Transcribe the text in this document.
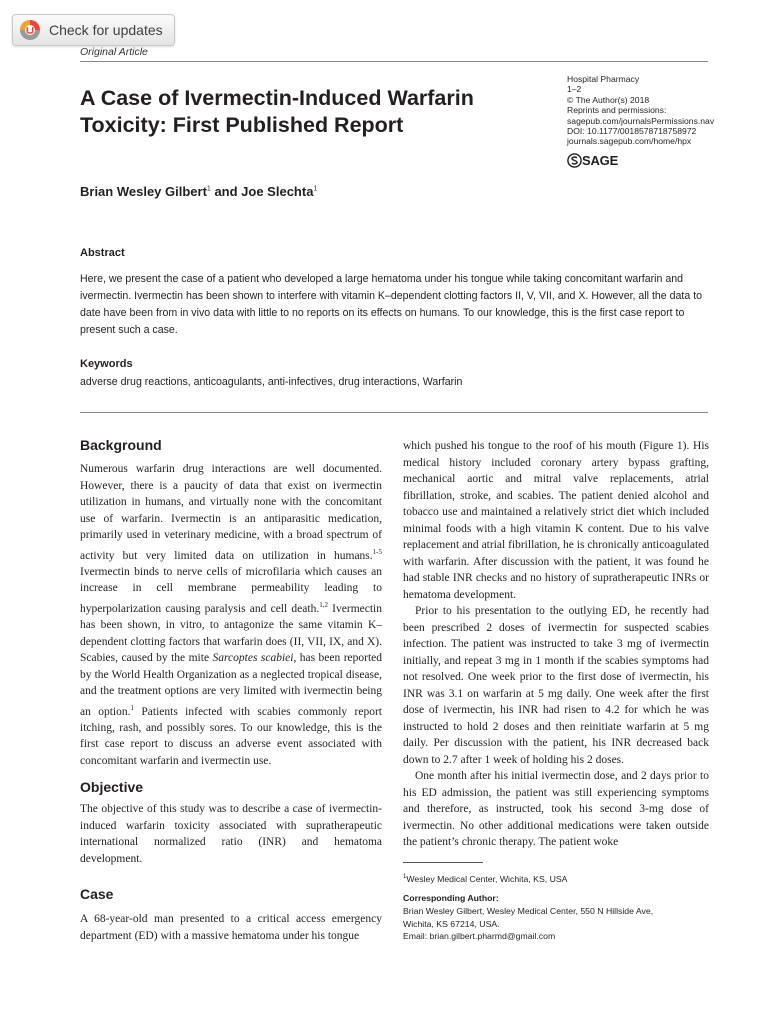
Check for updates
Original Article
A Case of Ivermectin-Induced Warfarin Toxicity: First Published Report
Hospital Pharmacy
1–2
© The Author(s) 2018
Reprints and permissions:
sagepub.com/journalsPermissions.nav
DOI: 10.1177/0018578718758972
journals.sagepub.com/home/hpx
SAGE
Brian Wesley Gilbert$^1$ and Joe Slechta$^1$
Abstract
Here, we present the case of a patient who developed a large hematoma under his tongue while taking concomitant warfarin and ivermectin. Ivermectin has been shown to interfere with vitamin K–dependent clotting factors II, V, VII, and X. However, all the data to date have been from in vivo data with little to no reports on its effects on humans. To our knowledge, this is the first case report to present such a case.
Keywords
adverse drug reactions, anticoagulants, anti-infectives, drug interactions, Warfarin
Background

Numerous warfarin drug interactions are well documented. However, there is a paucity of data that exist on ivermectin utilization in humans, and virtually none with the concomitant use of warfarin. Ivermectin is an antiparasitic medication, primarily used in veterinary medicine, with a broad spectrum of activity but very limited data on utilization in humans.$^{1-5}$ Ivermectin binds to nerve cells of microfilaria which causes an increase in cell membrane permeability leading to hyperpolarization causing paralysis and cell death.$^{1,2}$ Ivermectin has been shown, in vitro, to antagonize the same vitamin K–dependent clotting factors that warfarin does (II, VII, IX, and X). Scabies, caused by the mite Sarcoptes scabiei, has been reported by the World Health Organization as a neglected tropical disease, and the treatment options are very limited with ivermectin being an option.$^1$ Patients infected with scabies commonly report itching, rash, and possibly sores. To our knowledge, this is the first case report to discuss an adverse event associated with concomitant warfarin and ivermectin use.

Objective

The objective of this study was to describe a case of ivermectin-induced warfarin toxicity associated with supratherapeutic international normalized ratio (INR) and hematoma development.

Case

A 68-year-old man presented to a critical access emergency department (ED) with a massive hematoma under his tongue

which pushed his tongue to the roof of his mouth (Figure 1). His medical history included coronary artery bypass grafting, mechanical aortic and mitral valve replacements, atrial fibrillation, stroke, and scabies. The patient denied alcohol and tobacco use and maintained a relatively strict diet which included minimal foods with a high vitamin K content. Due to his valve replacement and atrial fibrillation, he is chronically anticoagulated with warfarin. After discussion with the patient, it was found he had stable INR checks and no history of supratherapeutic INRs or hematoma development.

Prior to his presentation to the outlying ED, he recently had been prescribed 2 doses of ivermectin for suspected scabies infection. The patient was instructed to take 3 mg of ivermectin initially, and repeat 3 mg in 1 month if the scabies symptoms had not resolved. One week prior to the first dose of ivermectin, his INR was 3.1 on warfarin at 5 mg daily. One week after the first dose of ivermectin, his INR had risen to 4.2 for which he was instructed to hold 2 doses and then reinitiate warfarin at 5 mg daily. Per discussion with the patient, his INR decreased back down to 2.7 after 1 week of holding his 2 doses.

One month after his initial ivermectin dose, and 2 days prior to his ED admission, the patient was still experiencing symptoms and therefore, as instructed, took his second 3-mg dose of ivermectin. No other additional medications were taken outside the patient’s chronic therapy. The patient woke

$^1$Wesley Medical Center, Wichita, KS, USA
Corresponding Author:
Brian Wesley Gilbert, Wesley Medical Center, 550 N Hillside Ave,
Wichita, KS 67214, USA.
Email: brian.gilbert.pharmd@gmail.com
